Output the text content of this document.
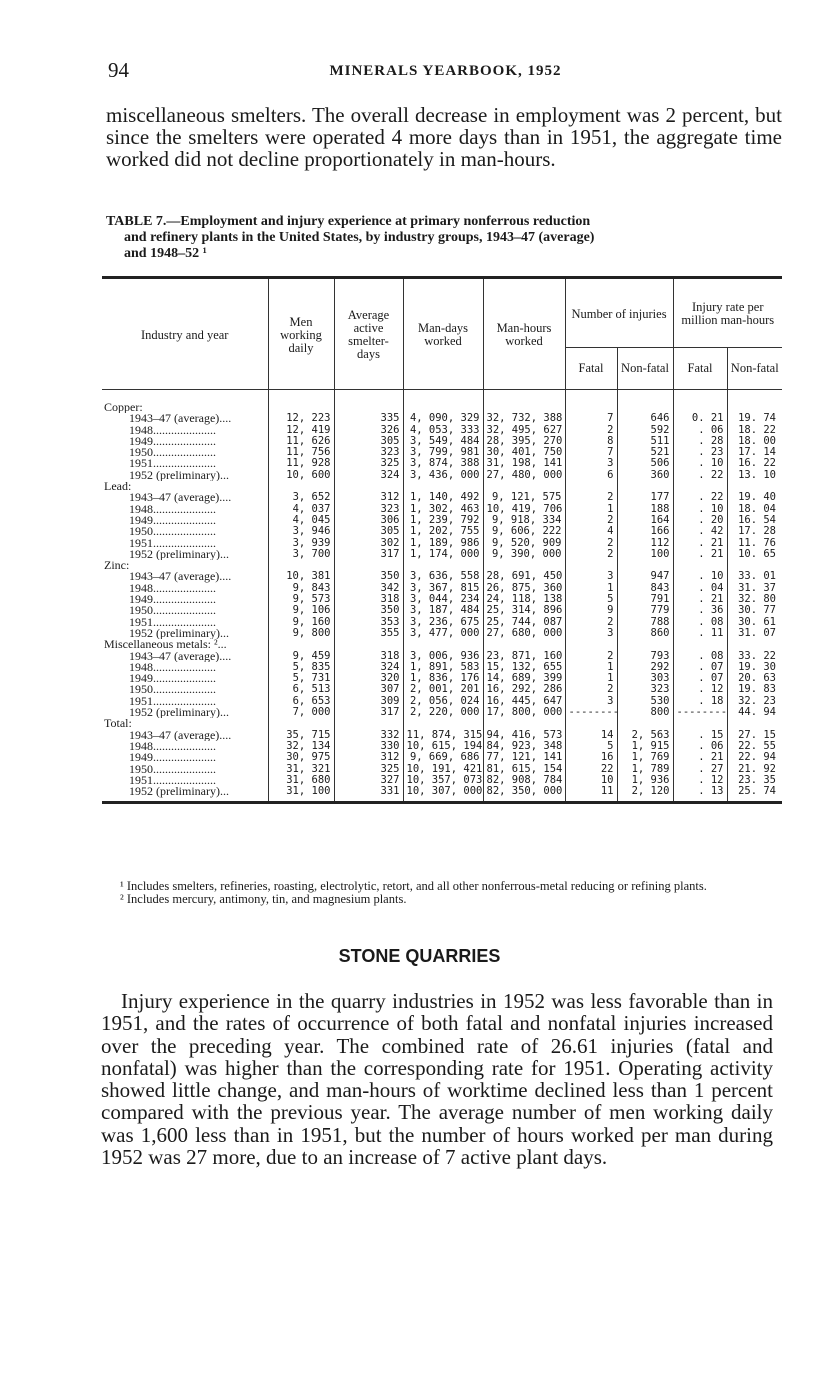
94	MINERALS YEARBOOK, 1952

miscellaneous smelters. The overall decrease in employment was 2 percent, but since the smelters were operated 4 more days than in 1951, the aggregate time worked did not decline proportionately in man-hours.

TABLE 7.—Employment and injury experience at primary nonferrous reduction
and refinery plants in the United States, by industry groups, 1943–47 (average)
and 1948–52 ¹

Industry and year	Men working daily	Average active smelter-days	Man-days worked	Man-hours worked	Number of injuries		Injury rate per million man-hours	
					Fatal	Non-fatal	Fatal	Non-fatal
Copper:								
1943–47 (average)....	12, 223	335	4, 090, 329	32, 732, 388	7	646	0. 21	19. 74
1948.....................	12, 419	326	4, 053, 333	32, 495, 627	2	592	. 06	18. 22
1949.....................	11, 626	305	3, 549, 484	28, 395, 270	8	511	. 28	18. 00
1950.....................	11, 756	323	3, 799, 981	30, 401, 750	7	521	. 23	17. 14
1951.....................	11, 928	325	3, 874, 388	31, 198, 141	3	506	. 10	16. 22
1952 (preliminary)...	10, 600	324	3, 436, 000	27, 480, 000	6	360	. 22	13. 10
Lead:								
1943–47 (average)....	3, 652	312	1, 140, 492	9, 121, 575	2	177	. 22	19. 40
1948.....................	4, 037	323	1, 302, 463	10, 419, 706	1	188	. 10	18. 04
1949.....................	4, 045	306	1, 239, 792	9, 918, 334	2	164	. 20	16. 54
1950.....................	3, 946	305	1, 202, 755	9, 606, 222	4	166	. 42	17. 28
1951.....................	3, 939	302	1, 189, 986	9, 520, 909	2	112	. 21	11. 76
1952 (preliminary)...	3, 700	317	1, 174, 000	9, 390, 000	2	100	. 21	10. 65
Zinc:								
1943–47 (average)....	10, 381	350	3, 636, 558	28, 691, 450	3	947	. 10	33. 01
1948.....................	9, 843	342	3, 367, 815	26, 875, 360	1	843	. 04	31. 37
1949.....................	9, 573	318	3, 044, 234	24, 118, 138	5	791	. 21	32. 80
1950.....................	9, 106	350	3, 187, 484	25, 314, 896	9	779	. 36	30. 77
1951.....................	9, 160	353	3, 236, 675	25, 744, 087	2	788	. 08	30. 61
1952 (preliminary)...	9, 800	355	3, 477, 000	27, 680, 000	3	860	. 11	31. 07
Miscellaneous metals: ²...								
1943–47 (average)....	9, 459	318	3, 006, 936	23, 871, 160	2	793	. 08	33. 22
1948.....................	5, 835	324	1, 891, 583	15, 132, 655	1	292	. 07	19. 30
1949.....................	5, 731	320	1, 836, 176	14, 689, 399	1	303	. 07	20. 63
1950.....................	6, 513	307	2, 001, 201	16, 292, 286	2	323	. 12	19. 83
1951.....................	6, 653	309	2, 056, 024	16, 445, 647	3	530	. 18	32. 23
1952 (preliminary)...	7, 000	317	2, 220, 000	17, 800, 000	--------	800	--------	44. 94
Total:								
1943–47 (average)....	35, 715	332	11, 874, 315	94, 416, 573	14	2, 563	. 15	27. 15
1948.....................	32, 134	330	10, 615, 194	84, 923, 348	5	1, 915	. 06	22. 55
1949.....................	30, 975	312	9, 669, 686	77, 121, 141	16	1, 769	. 21	22. 94
1950.....................	31, 321	325	10, 191, 421	81, 615, 154	22	1, 789	. 27	21. 92
1951.....................	31, 680	327	10, 357, 073	82, 908, 784	10	1, 936	. 12	23. 35
1952 (preliminary)...	31, 100	331	10, 307, 000	82, 350, 000	11	2, 120	. 13	25. 74

¹ Includes smelters, refineries, roasting, electrolytic, retort, and all other nonferrous-metal reducing or refining plants.

² Includes mercury, antimony, tin, and magnesium plants.

STONE QUARRIES

Injury experience in the quarry industries in 1952 was less favorable than in 1951, and the rates of occurrence of both fatal and nonfatal injuries increased over the preceding year. The combined rate of 26.61 injuries (fatal and nonfatal) was higher than the corresponding rate for 1951. Operating activity showed little change, and man-hours of worktime declined less than 1 percent compared with the previous year. The average number of men working daily was 1,600 less than in 1951, but the number of hours worked per man during 1952 was 27 more, due to an increase of 7 active plant days.
